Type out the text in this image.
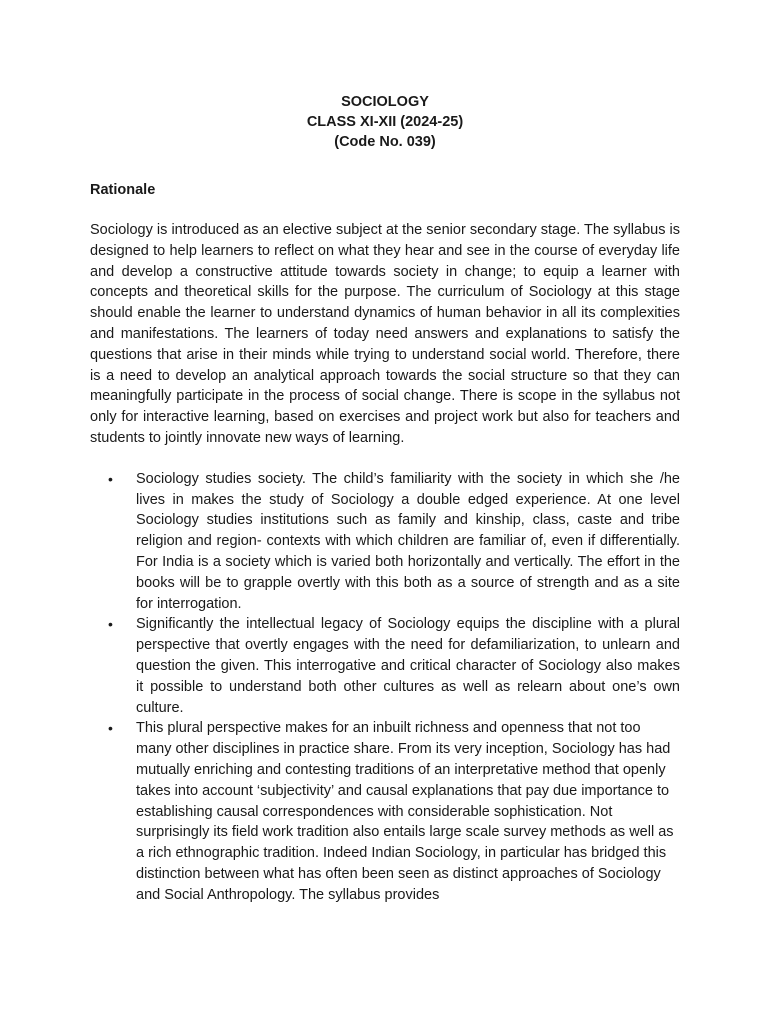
SOCIOLOGY
CLASS XI-XII (2024-25)
(Code No. 039)
Rationale

Sociology is introduced as an elective subject at the senior secondary stage. The syllabus is designed to help learners to reflect on what they hear and see in the course of everyday life and develop a constructive attitude towards society in change; to equip a learner with concepts and theoretical skills for the purpose. The curriculum of Sociology at this stage should enable the learner to understand dynamics of human behavior in all its complexities and manifestations. The learners of today need answers and explanations to satisfy the questions that arise in their minds while trying to understand social world. Therefore, there is a need to develop an analytical approach towards the social structure so that they can meaningfully participate in the process of social change. There is scope in the syllabus not only for interactive learning, based on exercises and project work but also for teachers and students to jointly innovate new ways of learning.

• Sociology studies society. The child’s familiarity with the society in which she /he lives in makes the study of Sociology a double edged experience. At one level Sociology studies institutions such as family and kinship, class, caste and tribe religion and region- contexts with which children are familiar of, even if differentially. For India is a society which is varied both horizontally and vertically. The effort in the books will be to grapple overtly with this both as a source of strength and as a site for interrogation.
• Significantly the intellectual legacy of Sociology equips the discipline with a plural perspective that overtly engages with the need for defamiliarization, to unlearn and question the given. This interrogative and critical character of Sociology also makes it possible to understand both other cultures as well as relearn about one’s own culture.
• This plural perspective makes for an inbuilt richness and openness that not too many other disciplines in practice share. From its very inception, Sociology has had mutually enriching and contesting traditions of an interpretative method that openly takes into account ‘subjectivity’ and causal explanations that pay due importance to establishing causal correspondences with considerable sophistication. Not surprisingly its field work tradition also entails large scale survey methods as well as a rich ethnographic tradition. Indeed Indian Sociology, in particular has bridged this distinction between what has often been seen as distinct approaches of Sociology and Social Anthropology. The syllabus provides
